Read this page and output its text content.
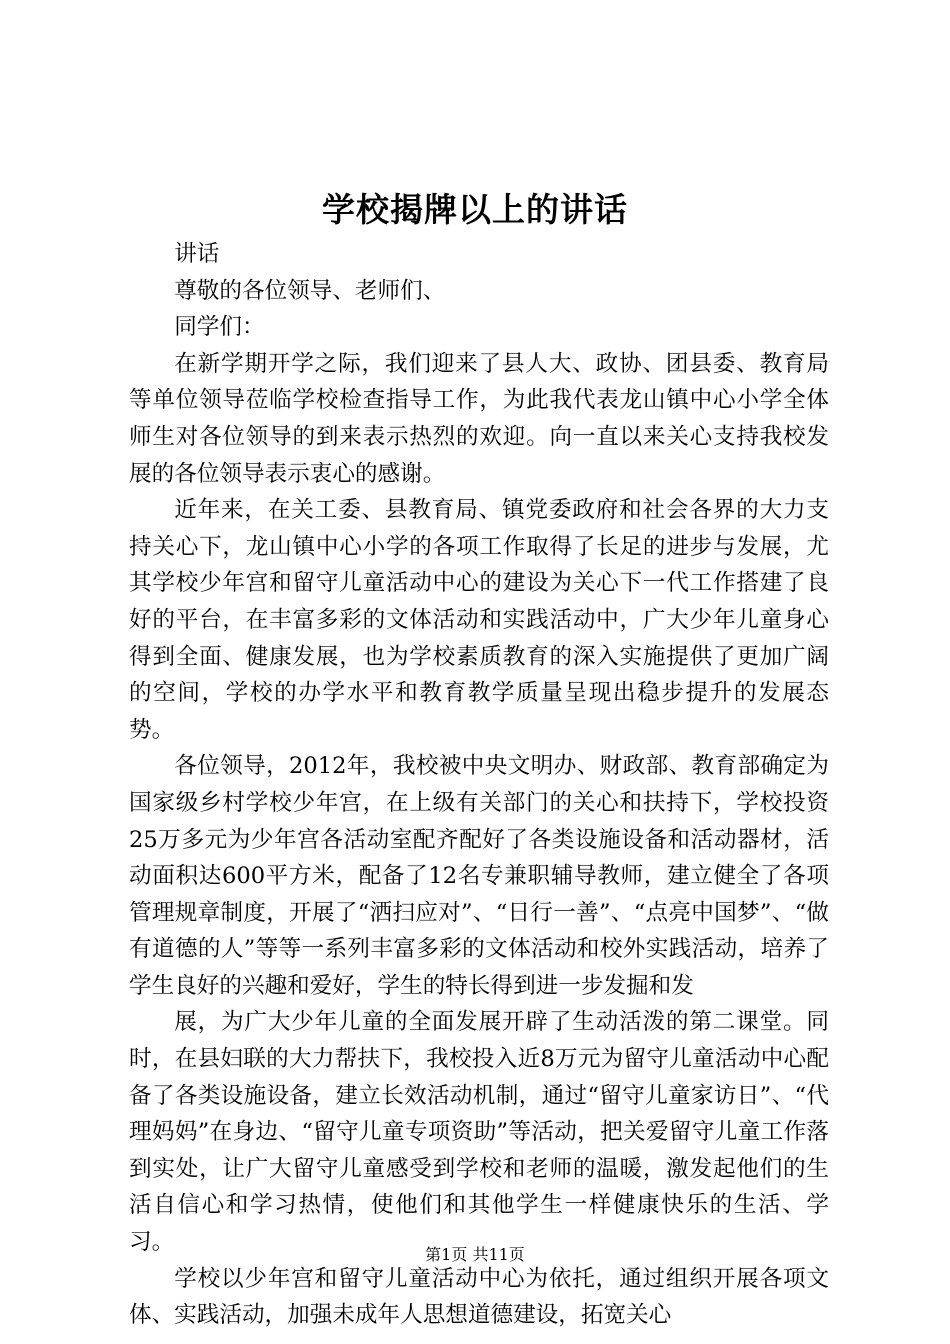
学校揭牌以上的讲话

讲话

尊敬的各位领导、老师们、

同学们：

在新学期开学之际，我们迎来了县人大、政协、团县委、教育局等单位领导莅临学校检查指导工作，为此我代表龙山镇中心小学全体师生对各位领导的到来表示热烈的欢迎。向一直以来关心支持我校发展的各位领导表示衷心的感谢。

近年来，在关工委、县教育局、镇党委政府和社会各界的大力支持关心下，龙山镇中心小学的各项工作取得了长足的进步与发展，尤其学校少年宫和留守儿童活动中心的建设为关心下一代工作搭建了良好的平台，在丰富多彩的文体活动和实践活动中，广大少年儿童身心得到全面、健康发展，也为学校素质教育的深入实施提供了更加广阔的空间，学校的办学水平和教育教学质量呈现出稳步提升的发展态势。

各位领导，2012年，我校被中央文明办、财政部、教育部确定为国家级乡村学校少年宫，在上级有关部门的关心和扶持下，学校投资25万多元为少年宫各活动室配齐配好了各类设施设备和活动器材，活动面积达600平方米，配备了12名专兼职辅导教师，建立健全了各项管理规章制度，开展了“洒扫应对”、“日行一善”、“点亮中国梦”、“做有道德的人”等等一系列丰富多彩的文体活动和校外实践活动，培养了学生良好的兴趣和爱好，学生的特长得到进一步发掘和发

展，为广大少年儿童的全面发展开辟了生动活泼的第二课堂。同时，在县妇联的大力帮扶下，我校投入近8万元为留守儿童活动中心配备了各类设施设备，建立长效活动机制，通过“留守儿童家访日”、“代理妈妈”在身边、“留守儿童专项资助”等活动，把关爱留守儿童工作落到实处，让广大留守儿童感受到学校和老师的温暖，激发起他们的生活自信心和学习热情，使他们和其他学生一样健康快乐的生活、学习。

学校以少年宫和留守儿童活动中心为依托，通过组织开展各项文体、实践活动，加强未成年人思想道德建设，拓宽关心

第1页 共11页
